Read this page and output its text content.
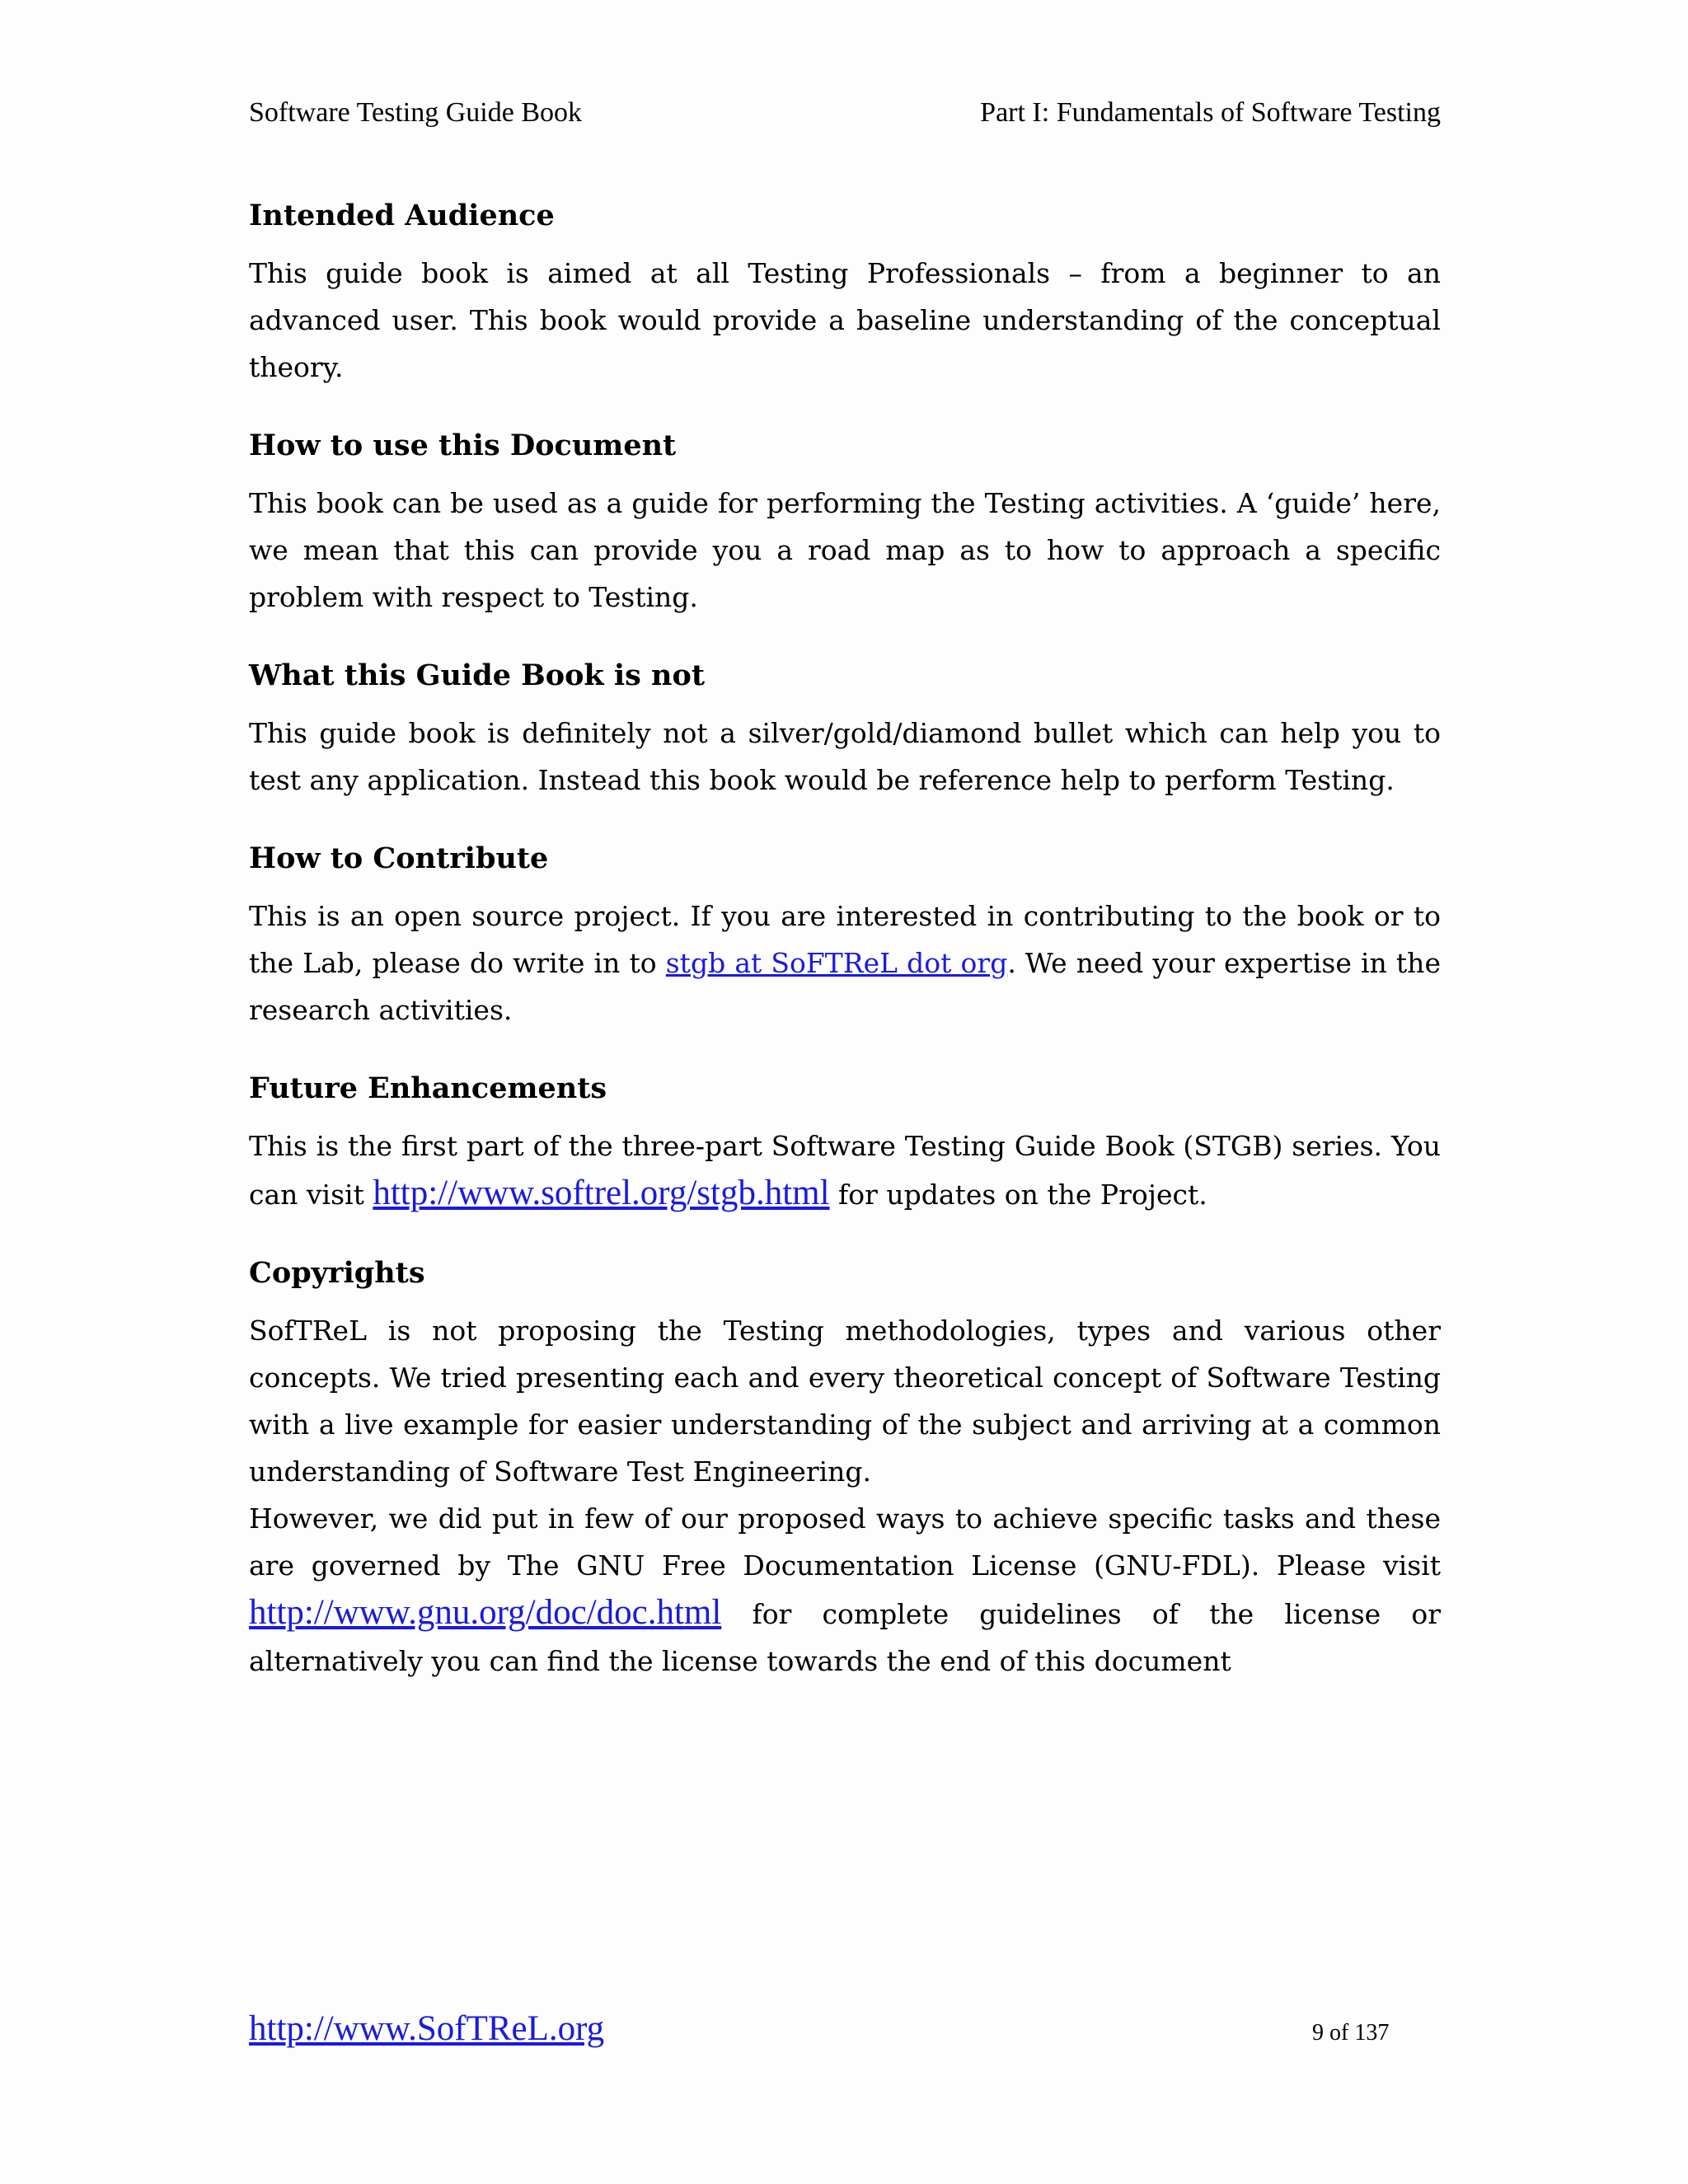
Software Testing Guide Book	Part I: Fundamentals of Software Testing
Intended Audience

This guide book is aimed at all Testing Professionals – from a beginner to an advanced user. This book would provide a baseline understanding of the conceptual theory.

How to use this Document

This book can be used as a guide for performing the Testing activities. A ‘guide’ here, we mean that this can provide you a road map as to how to approach a specific problem with respect to Testing.

What this Guide Book is not

This guide book is definitely not a silver/gold/diamond bullet which can help you to test any application. Instead this book would be reference help to perform Testing.

How to Contribute

This is an open source project. If you are interested in contributing to the book or to the Lab, please do write in to stgb at SoFTReL dot org. We need your expertise in the research activities.

Future Enhancements

This is the first part of the three-part Software Testing Guide Book (STGB) series. You can visit http://www.softrel.org/stgb.html for updates on the Project.

Copyrights

SofTReL is not proposing the Testing methodologies, types and various other concepts. We tried presenting each and every theoretical concept of Software Testing with a live example for easier understanding of the subject and arriving at a common understanding of Software Test Engineering.

However, we did put in few of our proposed ways to achieve specific tasks and these are governed by The GNU Free Documentation License (GNU-FDL). Please visit http://www.gnu.org/doc/doc.html for complete guidelines of the license or alternatively you can find the license towards the end of this document

http://www.SofTReL.org	9 of 137
